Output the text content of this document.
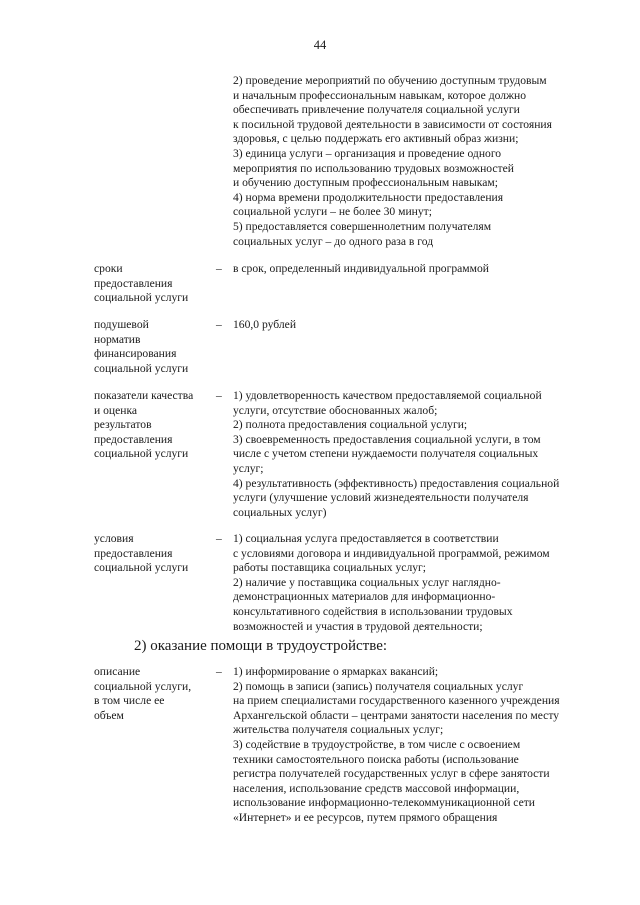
44
2) проведение мероприятий по обучению доступным трудовым
и начальным профессиональным навыкам, которое должно
обеспечивать привлечение получателя социальной услуги
к посильной трудовой деятельности в зависимости от состояния
здоровья, с целью поддержать его активный образ жизни;
3) единица услуги – организация и проведение одного
мероприятия по использованию трудовых возможностей
и обучению доступным профессиональным навыкам;
4) норма времени продолжительности предоставления
социальной услуги – не более 30 минут;
5) предоставляется совершеннолетним получателям
социальных услуг – до одного раза в год
сроки
предоставления
социальной услуги
– в срок, определенный индивидуальной программой
подушевой
норматив
финансирования
социальной услуги
– 160,0 рублей
показатели качества
и оценка
результатов
предоставления
социальной услуги
– 1) удовлетворенность качеством предоставляемой социальной
услуги, отсутствие обоснованных жалоб;
2) полнота предоставления социальной услуги;
3) своевременность предоставления социальной услуги, в том
числе с учетом степени нуждаемости получателя социальных
услуг;
4) результативность (эффективность) предоставления социальной
услуги (улучшение условий жизнедеятельности получателя
социальных услуг)
условия
предоставления
социальной услуги
– 1) социальная услуга предоставляется в соответствии
с условиями договора и индивидуальной программой, режимом
работы поставщика социальных услуг;
2) наличие у поставщика социальных услуг наглядно-
демонстрационных материалов для информационно-
консультативного содействия в использовании трудовых
возможностей и участия в трудовой деятельности;
2) оказание помощи в трудоустройстве:
описание
социальной услуги,
в том числе ее
объем
– 1) информирование о ярмарках вакансий;
2) помощь в записи (запись) получателя социальных услуг
на прием специалистами государственного казенного учреждения
Архангельской области – центрами занятости населения по месту
жительства получателя социальных услуг;
3) содействие в трудоустройстве, в том числе с освоением
техники самостоятельного поиска работы (использование
регистра получателей государственных услуг в сфере занятости
населения, использование средств массовой информации,
использование информационно-телекоммуникационной сети
«Интернет» и ее ресурсов, путем прямого обращения
